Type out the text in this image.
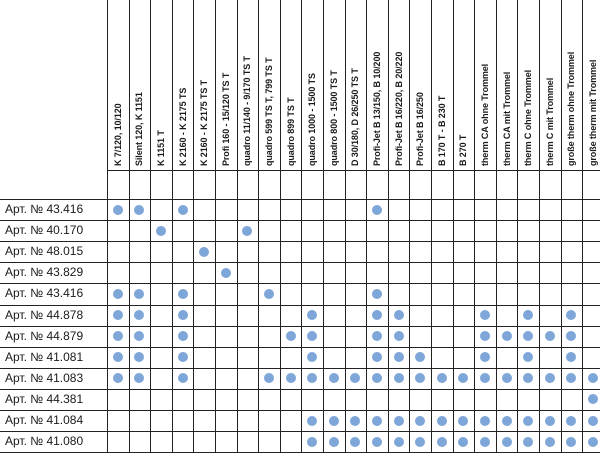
K 7/120, 10/120 Silent 120, K 1151 K 1151 T K 2160 - K 2175 TS K 2160 - K 2175 TS T Profi 160 - 15/120 TS T quadro 11/140 - 9/170 TS T quadro 599 TS T, 799 TS T quadro 899 TS T quadro 1000 - 1500 TS quadro 800 - 1500 TS T D 30/180, D 26/250 TS T Profi-Jet B 13/150, B 10/200 Profi-Jet B 16/220, B 20/220 Profi-Jet B 16/250 B 170 T - B 230 T B 270 T therm CA ohne Trommel therm CA mit Trommel therm C ohne Trommel therm C mit Trommel große therm ohne Trommel große therm mit Trommel
Арт. № 43.416
Арт. № 40.170
Арт. № 48.015
Арт. № 43.829
Арт. № 43.416
Арт. № 44.878
Арт. № 44.879
Арт. № 41.081
Арт. № 41.083
Арт. № 44.381
Арт. № 41.084
Арт. № 41.080
